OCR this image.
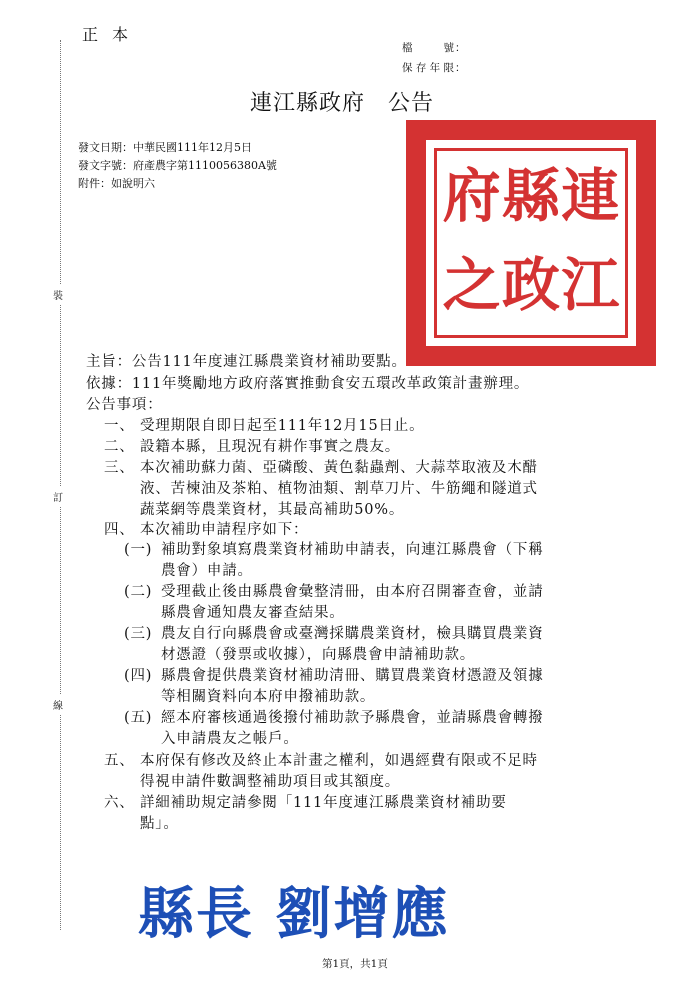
正本
檔號：
保存年限：
連江縣政府　公告
發文日期：中華民國111年12月5日
發文字號：府產農字第1110056380A號
附件：如說明六
裝
訂
線
府 縣 連
之 政 江
主旨：公告111年度連江縣農業資材補助要點。
依據：111年獎勵地方政府落實推動食安五環改革政策計畫辦理。
公告事項：
一、 受理期限自即日起至111年12月15日止。
二、 設籍本縣，且現況有耕作事實之農友。
三、 本次補助蘇力菌、亞磷酸、黃色黏蟲劑、大蒜萃取液及木醋
液、苦楝油及茶粕、植物油類、割草刀片、牛筋繩和隧道式
蔬菜網等農業資材，其最高補助50%。
四、 本次補助申請程序如下：
(一) 補助對象填寫農業資材補助申請表，向連江縣農會（下稱
農會）申請。
(二) 受理截止後由縣農會彙整清冊，由本府召開審查會，並請
縣農會通知農友審查結果。
(三) 農友自行向縣農會或臺灣採購農業資材，檢具購買農業資
材憑證（發票或收據），向縣農會申請補助款。
(四) 縣農會提供農業資材補助清冊、購買農業資材憑證及領據
等相關資料向本府申撥補助款。
(五) 經本府審核通過後撥付補助款予縣農會，並請縣農會轉撥
入申請農友之帳戶。
五、 本府保有修改及終止本計畫之權利，如遇經費有限或不足時
得視申請件數調整補助項目或其額度。
六、 詳細補助規定請參閱「111年度連江縣農業資材補助要
點」。
縣長 劉增應
第1頁，共1頁
